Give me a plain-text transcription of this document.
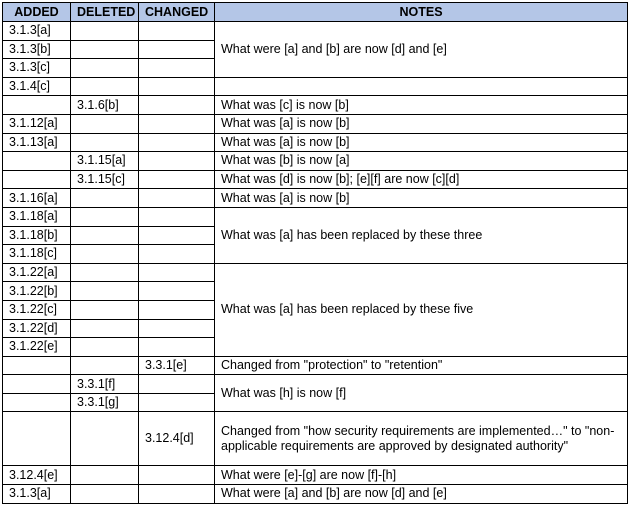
ADDED	DELETED	CHANGED	NOTES
3.1.3[a]			What were [a] and [b] are now [d] and [e]
3.1.3[b]			
3.1.3[c]			
3.1.4[c]			
	3.1.6[b]		What was [c] is now [b]
3.1.12[a]			What was [a] is now [b]
3.1.13[a]			What was [a] is now [b]
	3.1.15[a]		What was [b] is now [a]
	3.1.15[c]		What was [d] is now [b]; [e][f] are now [c][d]
3.1.16[a]			What was [a] is now [b]
3.1.18[a]			What was [a] has been replaced by these three
3.1.18[b]			
3.1.18[c]			
3.1.22[a]			What was [a] has been replaced by these five
3.1.22[b]			
3.1.22[c]			
3.1.22[d]			
3.1.22[e]			
		3.3.1[e]	Changed from "protection" to "retention"
	3.3.1[f]		What was [h] is now [f]
	3.3.1[g]		
		3.12.4[d]	Changed from "how security requirements are implemented…" to "non-applicable requirements are approved by designated authority"
3.12.4[e]			What were [e]-[g] are now [f]-[h]
3.1.3[a]			What were [a] and [b] are now [d] and [e]
